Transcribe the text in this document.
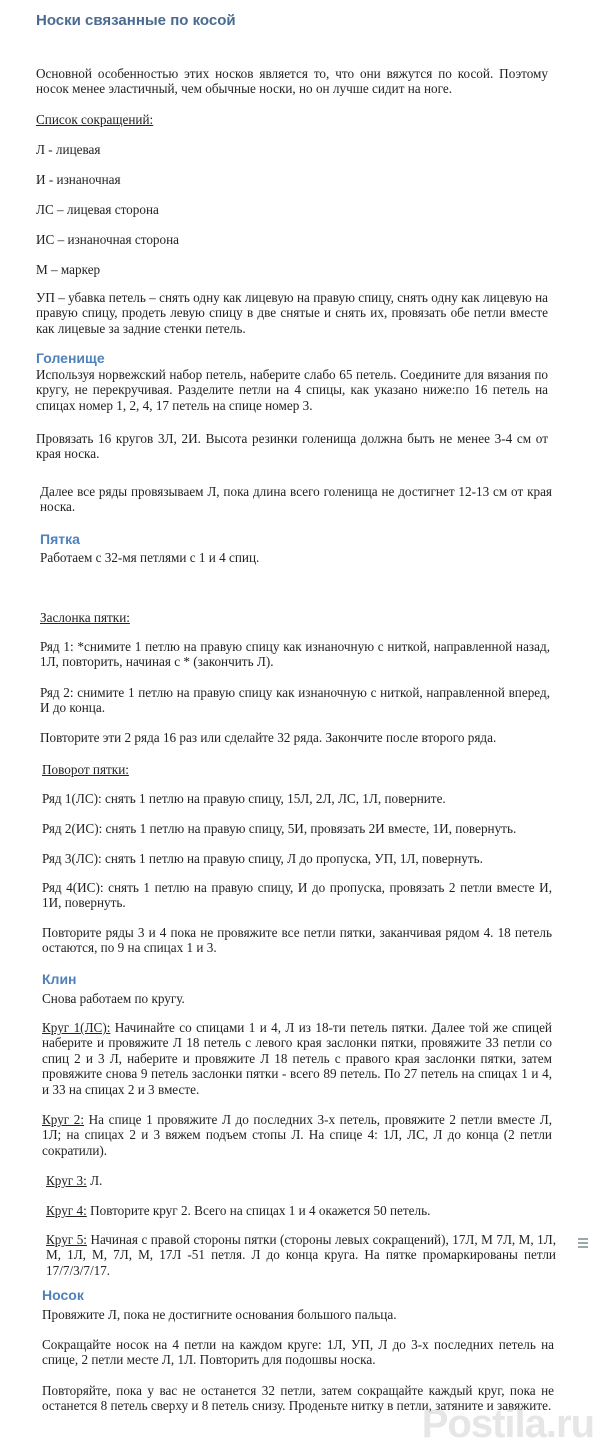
Носки связанные по косой
Основной особенностью этих носков является то, что они вяжутся по косой. Поэтому носок менее эластичный, чем обычные носки, но он лучше сидит на ноге.
Список сокращений:
Л - лицевая
И - изнаночная
ЛС – лицевая сторона
ИС – изнаночная сторона
М – маркер
УП – убавка петель – снять одну как лицевую на правую спицу, снять одну как лицевую на правую спицу, продеть левую спицу в две снятые и снять их, провязать обе петли вместе как лицевые за задние стенки петель.
Голенище
Используя норвежский набор петель, наберите слабо 65 петель. Соедините для вязания по кругу, не перекручивая. Разделите петли на 4 спицы, как указано ниже:по 16 петель на спицах номер 1, 2, 4, 17 петель на спице номер 3.
Провязать 16 кругов 3Л, 2И. Высота резинки голенища должна быть не менее 3-4 см от края носка.
Далее все ряды провязываем Л, пока длина всего голенища не достигнет 12-13 см от края носка.
Пятка
Работаем с 32-мя петлями с 1 и 4 спиц.
Заслонка пятки:
Ряд 1: *снимите 1 петлю на правую спицу как изнаночную с ниткой, направленной назад, 1Л, повторить, начиная с * (закончить Л).
Ряд 2: снимите 1 петлю на правую спицу как изнаночную с ниткой, направленной вперед, И до конца.
Повторите эти 2 ряда 16 раз или сделайте 32 ряда. Закончите после второго ряда.
Поворот пятки:
Ряд 1(ЛС): снять 1 петлю на правую спицу, 15Л, 2Л, ЛС, 1Л, поверните.
Ряд 2(ИС): снять 1 петлю на правую спицу, 5И, провязать 2И вместе, 1И, повернуть.
Ряд 3(ЛС): снять 1 петлю на правую спицу, Л до пропуска, УП, 1Л, повернуть.
Ряд 4(ИС): снять 1 петлю на правую спицу, И до пропуска, провязать 2 петли вместе И, 1И, повернуть.
Повторите ряды 3 и 4 пока не провяжите все петли пятки, заканчивая рядом 4. 18 петель остаются, по 9 на спицах 1 и 3.
Клин
Снова работаем по кругу.
Круг 1(ЛС): Начинайте со спицами 1 и 4, Л из 18-ти петель пятки. Далее той же спицей наберите и провяжите Л 18 петель с левого края заслонки пятки, провяжите 33 петли со спиц 2 и 3 Л, наберите и провяжите Л 18 петель с правого края заслонки пятки, затем провяжите снова 9 петель заслонки пятки - всего 89 петель. По 27 петель на спицах 1 и 4, и 33 на спицах 2 и 3 вместе.
Круг 2: На спице 1 провяжите Л до последних 3-х петель, провяжите 2 петли вместе Л, 1Л; на спицах 2 и 3 вяжем подъем стопы Л. На спице 4: 1Л, ЛС, Л до конца (2 петли сократили).
Круг 3: Л.
Круг 4: Повторите круг 2. Всего на спицах 1 и 4 окажется 50 петель.
Круг 5: Начиная с правой стороны пятки (стороны левых сокращений), 17Л, М 7Л, М, 1Л, М, 1Л, М, 7Л, М, 17Л -51 петля. Л до конца круга. На пятке промаркированы петли 17/7/3/7/17.
Носок
Провяжите Л, пока не достигните основания большого пальца.
Сокращайте носок на 4 петли на каждом круге: 1Л, УП, Л до 3-х последних петель на спице, 2 петли месте Л, 1Л. Повторить для подошвы носка.
Повторяйте, пока у вас не останется 32 петли, затем сокращайте каждый круг, пока не останется 8 петель сверху и 8 петель снизу. Проденьте нитку в петли, затяните и завяжите.
Postila.ru
